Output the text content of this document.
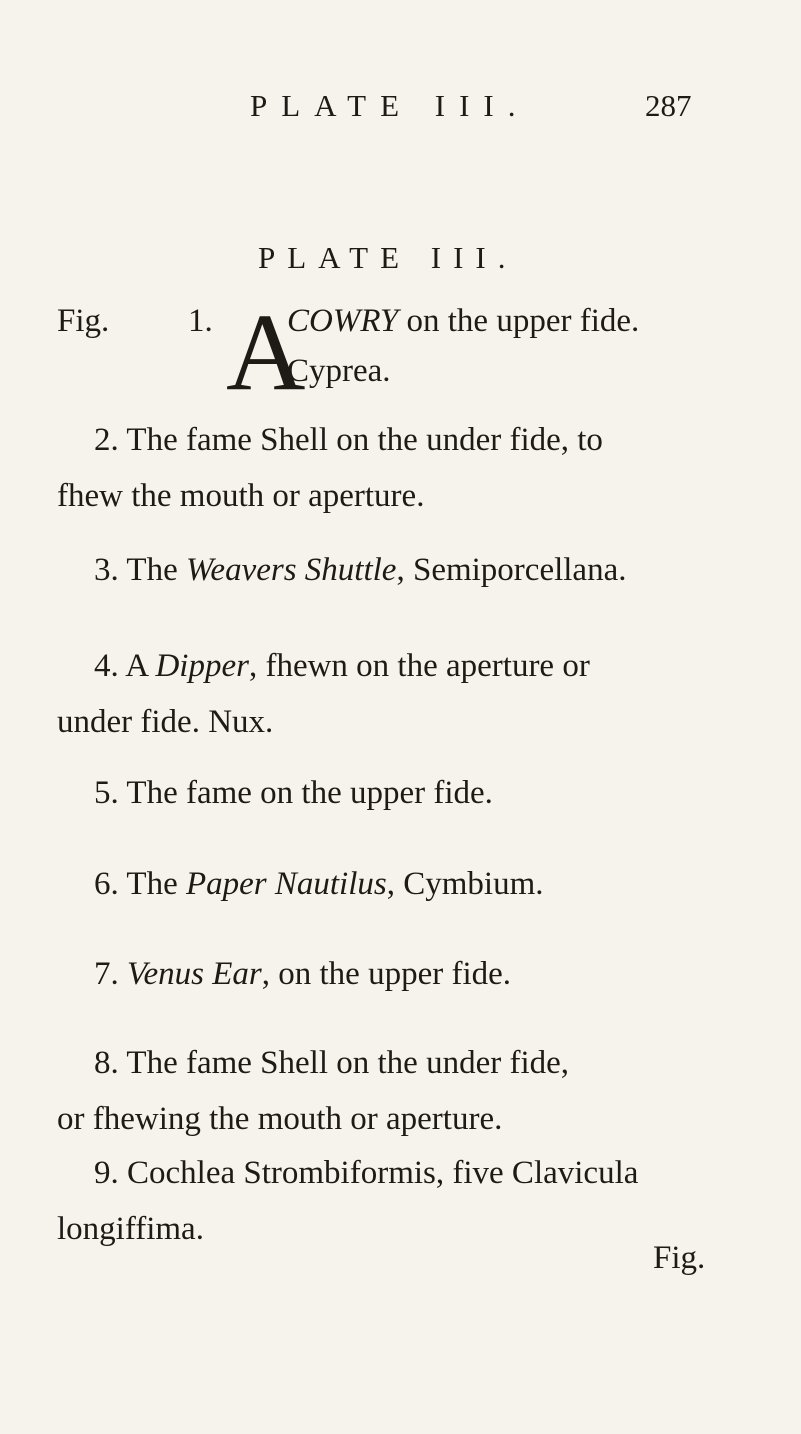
PLATE III.	287
PLATE III.
Fig. 1. A
COWRY on the upper fide.
Cyprea.
2. The fame Shell on the under fide, to
fhew the mouth or aperture.
3. The Weavers Shuttle, Semiporcellana.
4. A Dipper, fhewn on the aperture or
under fide. Nux.
5. The fame on the upper fide.
6. The Paper Nautilus, Cymbium.
7. Venus Ear, on the upper fide.
8. The fame Shell on the under fide,
or fhewing the mouth or aperture.
9. Cochlea Strombiformis, five Clavicula
longiffima.
Fig.
